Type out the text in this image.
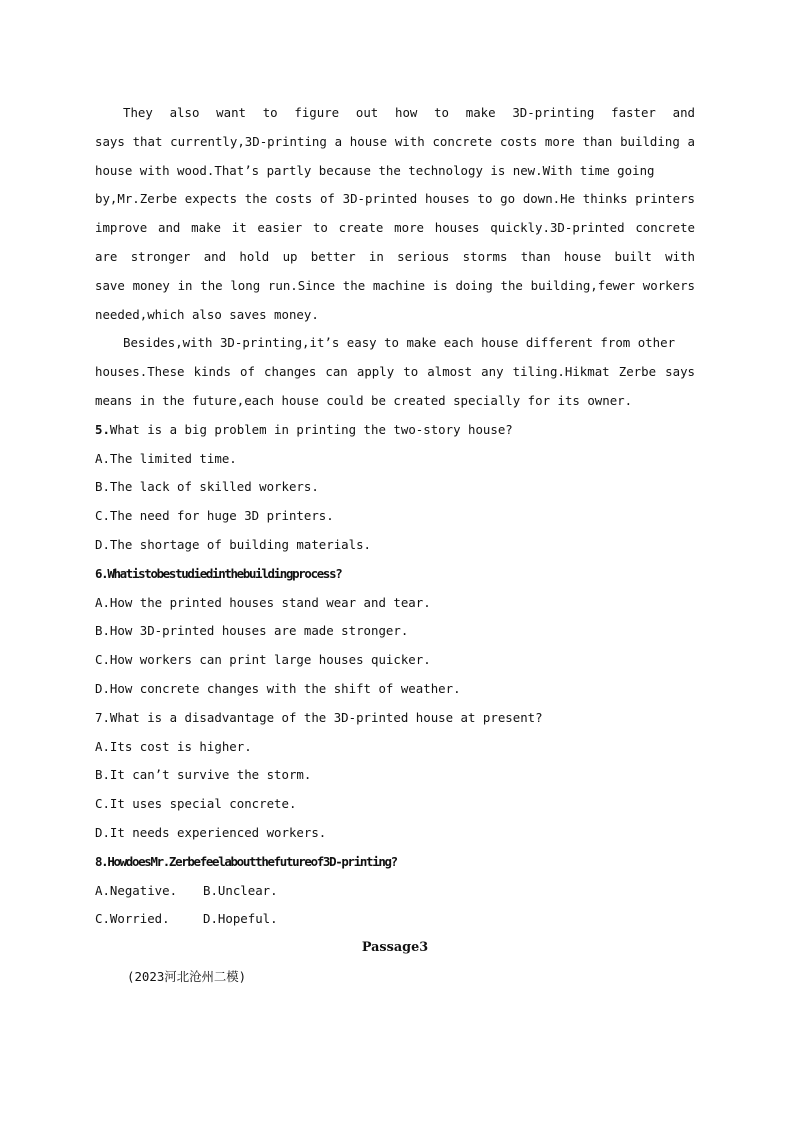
They also want to figure out how to make 3D-printing faster and
says that currently,3D-printing a house with concrete costs more than building a
house with wood.That’s partly because the technology is new.With time going
by,Mr.Zerbe expects the costs of 3D-printed houses to go down.He thinks printers
improve and make it easier to create more houses quickly.3D-printed concrete
are stronger and hold up better in serious storms than house built with
save money in the long run.Since the machine is doing the building,fewer workers
needed,which also saves money.
Besides,with 3D-printing,it’s easy to make each house different from other
houses.These kinds of changes can apply to almost any tiling.Hikmat Zerbe says
means in the future,each house could be created specially for its owner.
5.What is a big problem in printing the two-story house?
A.The limited time.
B.The lack of skilled workers.
C.The need for huge 3D printers.
D.The shortage of building materials.
6.Whatistobestudiedinthebuildingprocess?
A.How the printed houses stand wear and tear.
B.How 3D-printed houses are made stronger.
C.How workers can print large houses quicker.
D.How concrete changes with the shift of weather.
7.What is a disadvantage of the 3D-printed house at present?
A.Its cost is higher.
B.It can’t survive the storm.
C.It uses special concrete.
D.It needs experienced workers.
8.HowdoesMr.Zerbefeelaboutthefutureof3D-printing?
A.Negative.	B.Unclear.
C.Worried.	D.Hopeful.
Passage3
(2023河北沧州二模)
